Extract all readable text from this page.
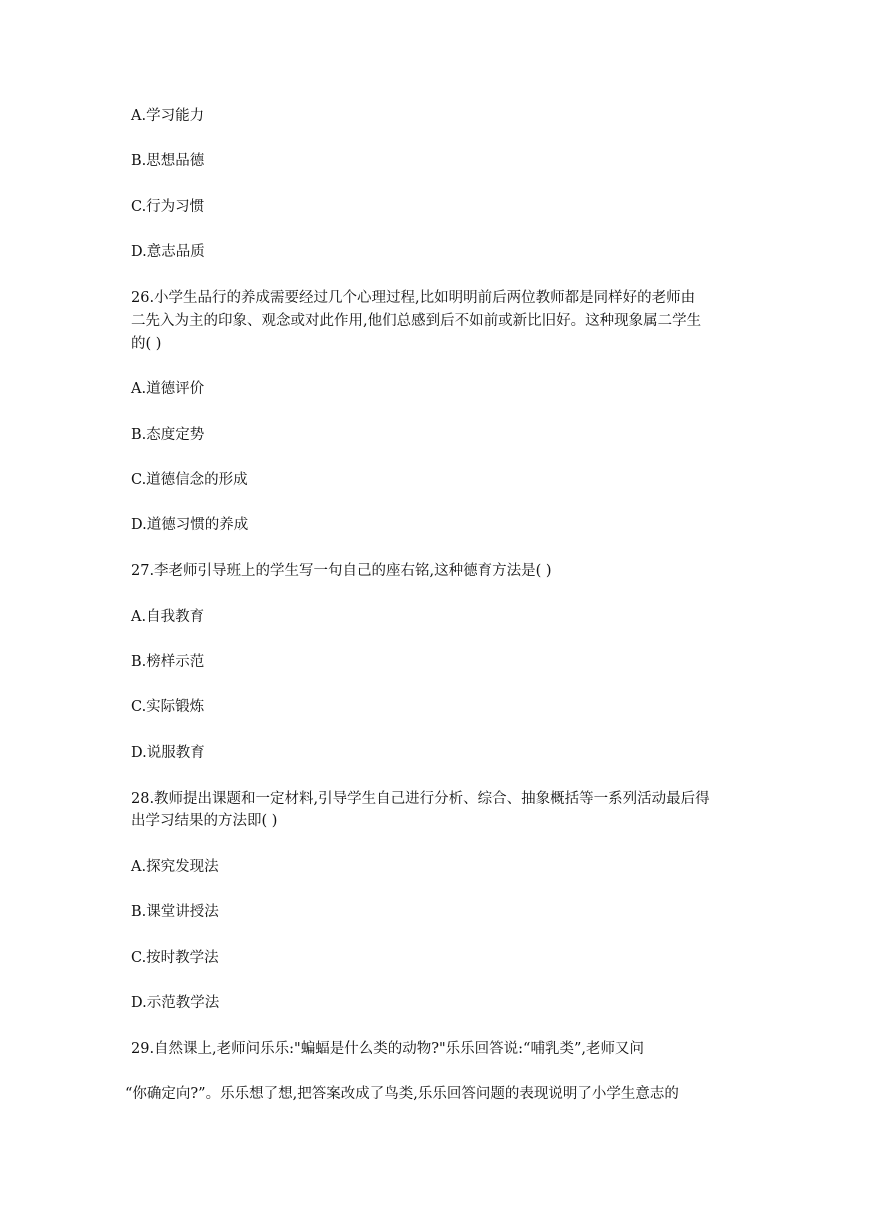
A.学习能力
B.思想品德
C.行为习惯
D.意志品质
26.小学生品行的养成需要经过几个心理过程,比如明明前后两位教师都是同样好的老师由
二先入为主的印象、观念或对此作用,他们总感到后不如前或新比旧好。这种现象属二学生
的( )
A.道德评价
B.态度定势
C.道德信念的形成
D.道德习惯的养成
27.李老师引导班上的学生写一句自己的座右铭,这种德育方法是( )
A.自我教育
B.榜样示范
C.实际锻炼
D.说服教育
28.教师提出课题和一定材料,引导学生自己进行分析、综合、抽象概括等一系列活动最后得
出学习结果的方法即( )
A.探究发现法
B.课堂讲授法
C.按时教学法
D.示范教学法
29.自然课上,老师问乐乐:"蝙蝠是什么类的动物?"乐乐回答说:“哺乳类”,老师又问
“你确定向?”。乐乐想了想,把答案改成了鸟类,乐乐回答问题的表现说明了小学生意志的
